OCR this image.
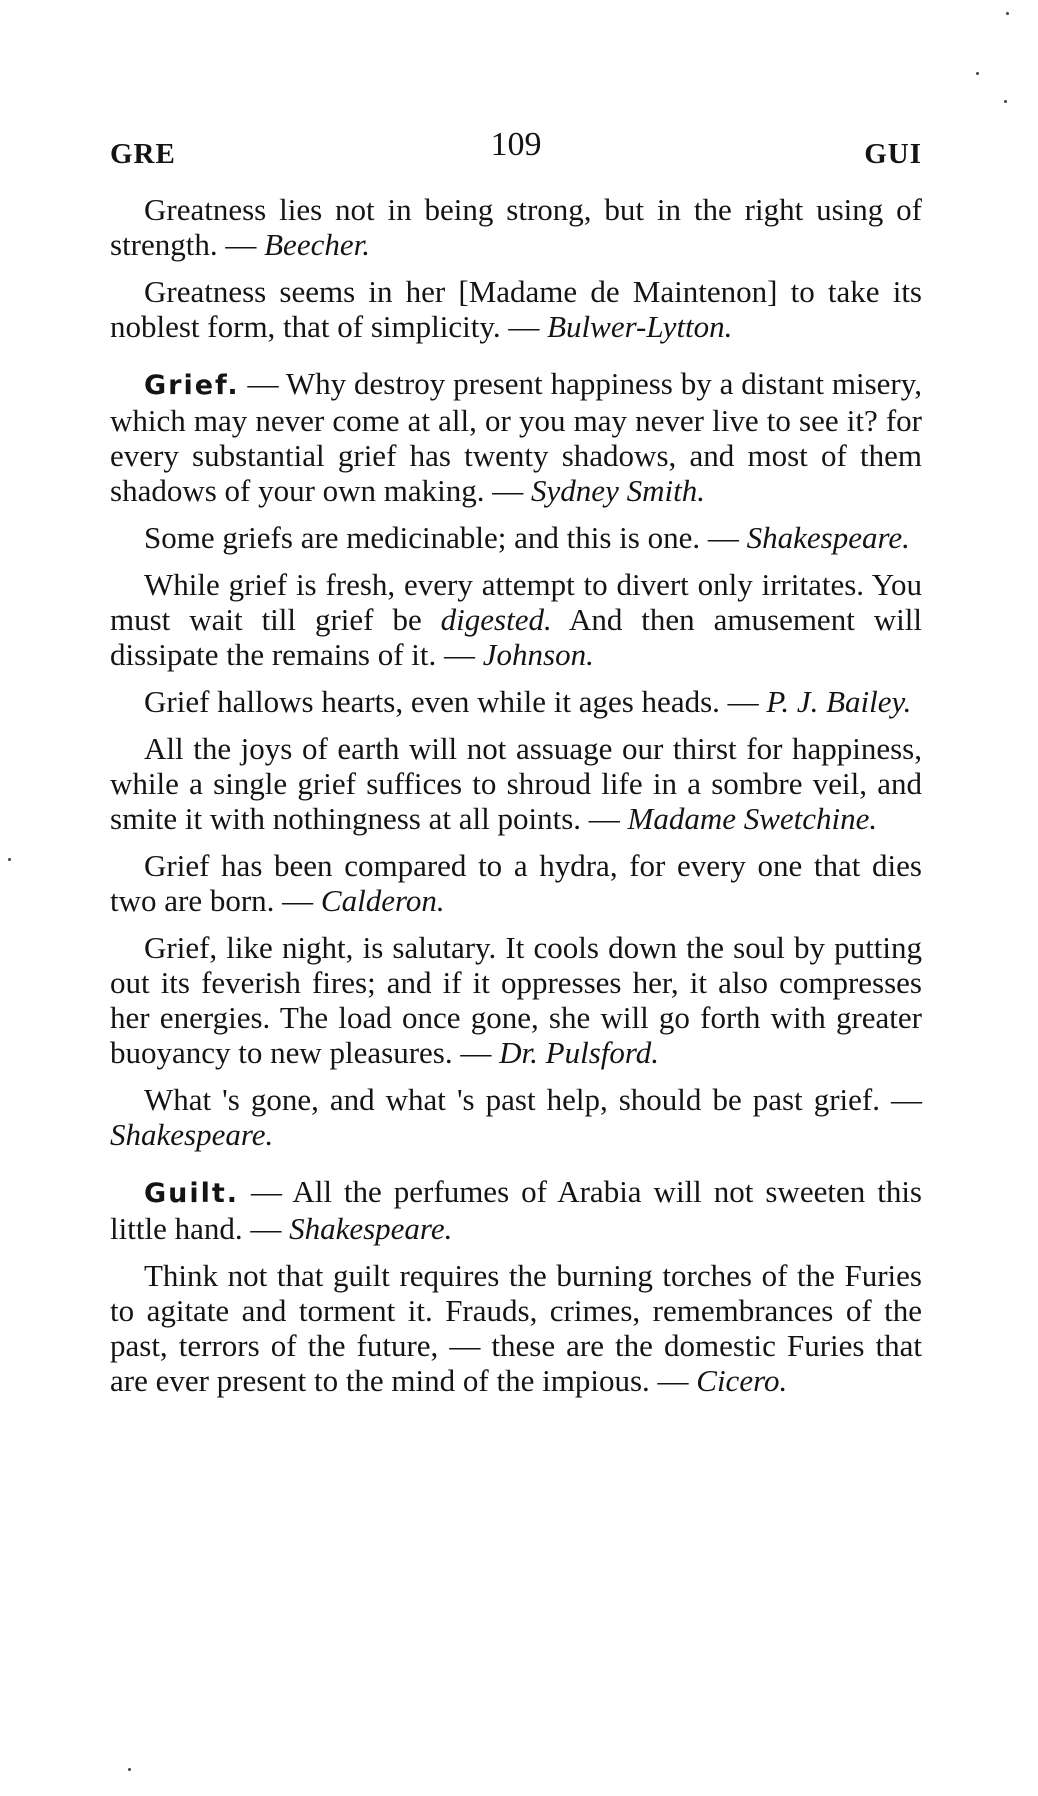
GRE	109	GUI

Greatness lies not in being strong, but in the right using of strength. — Beecher.

Greatness seems in her [Madame de Maintenon] to take its noblest form, that of simplicity. — Bulwer-Lytton.

Grief. — Why destroy present happiness by a distant misery, which may never come at all, or you may never live to see it? for every substantial grief has twenty shadows, and most of them shadows of your own making. — Sydney Smith.

Some griefs are medicinable; and this is one. — Shakespeare.

While grief is fresh, every attempt to divert only irritates. You must wait till grief be digested. And then amusement will dissipate the remains of it. — Johnson.

Grief hallows hearts, even while it ages heads. — P. J. Bailey.

All the joys of earth will not assuage our thirst for happiness, while a single grief suffices to shroud life in a sombre veil, and smite it with nothingness at all points. — Madame Swetchine.

Grief has been compared to a hydra, for every one that dies two are born. — Calderon.

Grief, like night, is salutary. It cools down the soul by putting out its feverish fires; and if it oppresses her, it also compresses her energies. The load once gone, she will go forth with greater buoyancy to new pleasures. — Dr. Pulsford.

What 's gone, and what 's past help, should be past grief. — Shakespeare.

Guilt. — All the perfumes of Arabia will not sweeten this little hand. — Shakespeare.

Think not that guilt requires the burning torches of the Furies to agitate and torment it. Frauds, crimes, remembrances of the past, terrors of the future, — these are the domestic Furies that are ever present to the mind of the impious. — Cicero.
